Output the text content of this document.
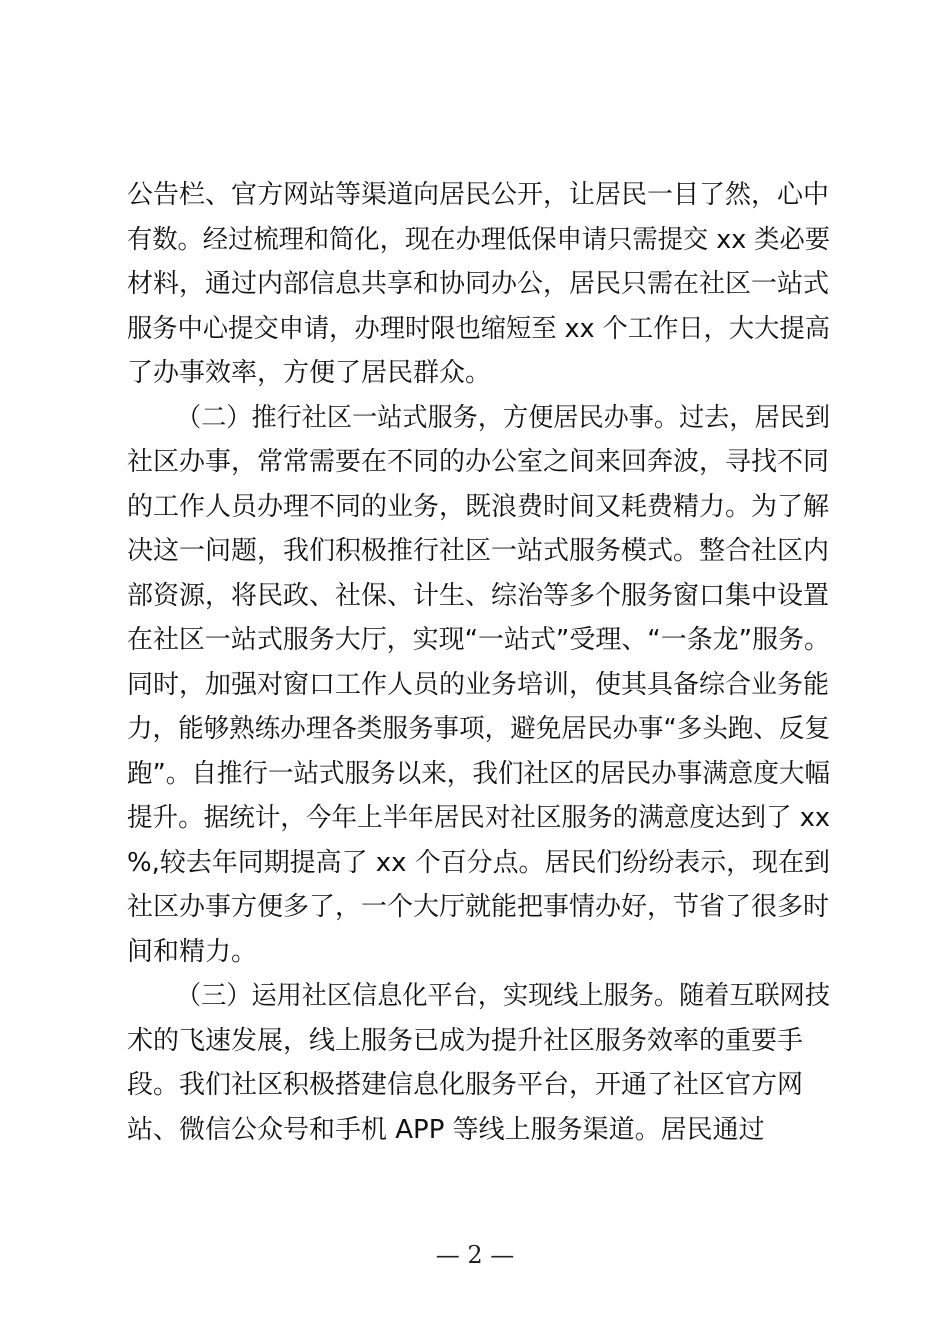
公告栏、官方网站等渠道向居民公开，让居民一目了然，心中
有数。经过梳理和简化，现在办理低保申请只需提交 xx 类必要
材料，通过内部信息共享和协同办公，居民只需在社区一站式
服务中心提交申请，办理时限也缩短至 xx 个工作日，大大提高
了办事效率，方便了居民群众。
（二）推行社区一站式服务，方便居民办事。过去，居民到
社区办事，常常需要在不同的办公室之间来回奔波，寻找不同
的工作人员办理不同的业务，既浪费时间又耗费精力。为了解
决这一问题，我们积极推行社区一站式服务模式。整合社区内
部资源，将民政、社保、计生、综治等多个服务窗口集中设置
在社区一站式服务大厅，实现“一站式”受理、“一条龙”服务。
同时，加强对窗口工作人员的业务培训，使其具备综合业务能
力，能够熟练办理各类服务事项，避免居民办事“多头跑、反复
跑”。自推行一站式服务以来，我们社区的居民办事满意度大幅
提升。据统计，今年上半年居民对社区服务的满意度达到了 xx
%,较去年同期提高了 xx 个百分点。居民们纷纷表示，现在到
社区办事方便多了，一个大厅就能把事情办好，节省了很多时
间和精力。
（三）运用社区信息化平台，实现线上服务。随着互联网技
术的飞速发展，线上服务已成为提升社区服务效率的重要手
段。我们社区积极搭建信息化服务平台，开通了社区官方网
站、微信公众号和手机 APP 等线上服务渠道。居民通过
— 2 —
